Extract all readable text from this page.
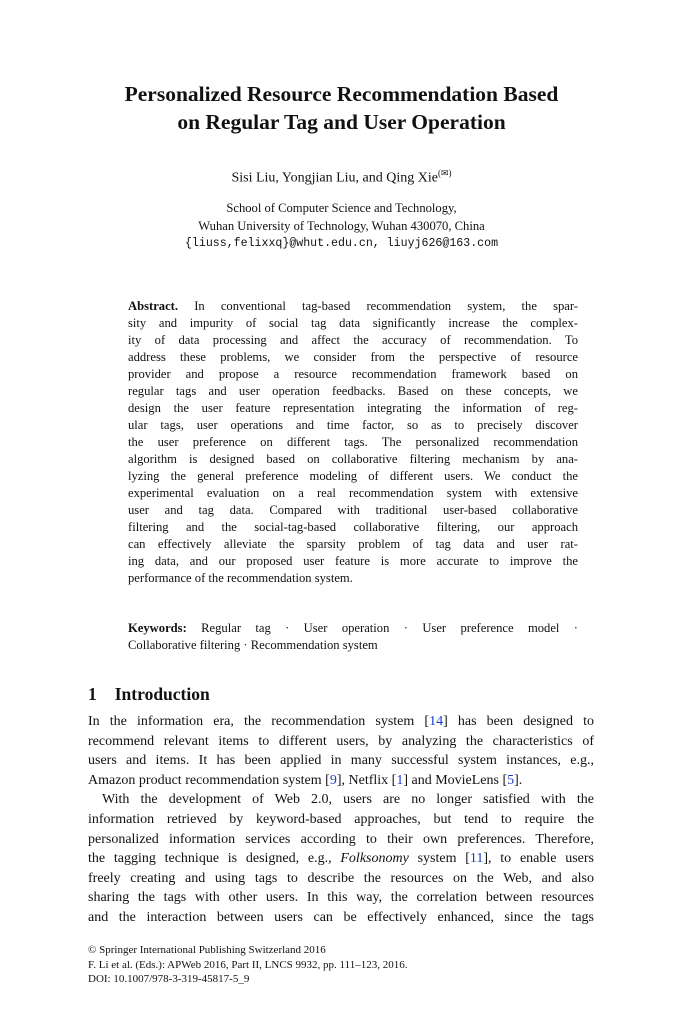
Personalized Resource Recommendation Based
on Regular Tag and User Operation
Sisi Liu, Yongjian Liu, and Qing Xie(✉)
School of Computer Science and Technology,
Wuhan University of Technology, Wuhan 430070, China
{liuss,felixxq}@whut.edu.cn, liuyj626@163.com
Abstract. In conventional tag-based recommendation system, the spar-
sity and impurity of social tag data significantly increase the complex-
ity of data processing and affect the accuracy of recommendation. To
address these problems, we consider from the perspective of resource
provider and propose a resource recommendation framework based on
regular tags and user operation feedbacks. Based on these concepts, we
design the user feature representation integrating the information of reg-
ular tags, user operations and time factor, so as to precisely discover
the user preference on different tags. The personalized recommendation
algorithm is designed based on collaborative filtering mechanism by ana-
lyzing the general preference modeling of different users. We conduct the
experimental evaluation on a real recommendation system with extensive
user and tag data. Compared with traditional user-based collaborative
filtering and the social-tag-based collaborative filtering, our approach
can effectively alleviate the sparsity problem of tag data and user rat-
ing data, and our proposed user feature is more accurate to improve the
performance of the recommendation system.
Keywords: Regular tag · User operation · User preference model ·
Collaborative filtering · Recommendation system
1 Introduction
In the information era, the recommendation system [14] has been designed to
recommend relevant items to different users, by analyzing the characteristics of
users and items. It has been applied in many successful system instances, e.g.,
Amazon product recommendation system [9], Netflix [1] and MovieLens [5].
With the development of Web 2.0, users are no longer satisfied with the
information retrieved by keyword-based approaches, but tend to require the
personalized information services according to their own preferences. Therefore,
the tagging technique is designed, e.g., Folksonomy system [11], to enable users
freely creating and using tags to describe the resources on the Web, and also
sharing the tags with other users. In this way, the correlation between resources
and the interaction between users can be effectively enhanced, since the tags
© Springer International Publishing Switzerland 2016
F. Li et al. (Eds.): APWeb 2016, Part II, LNCS 9932, pp. 111–123, 2016.
DOI: 10.1007/978-3-319-45817-5_9
